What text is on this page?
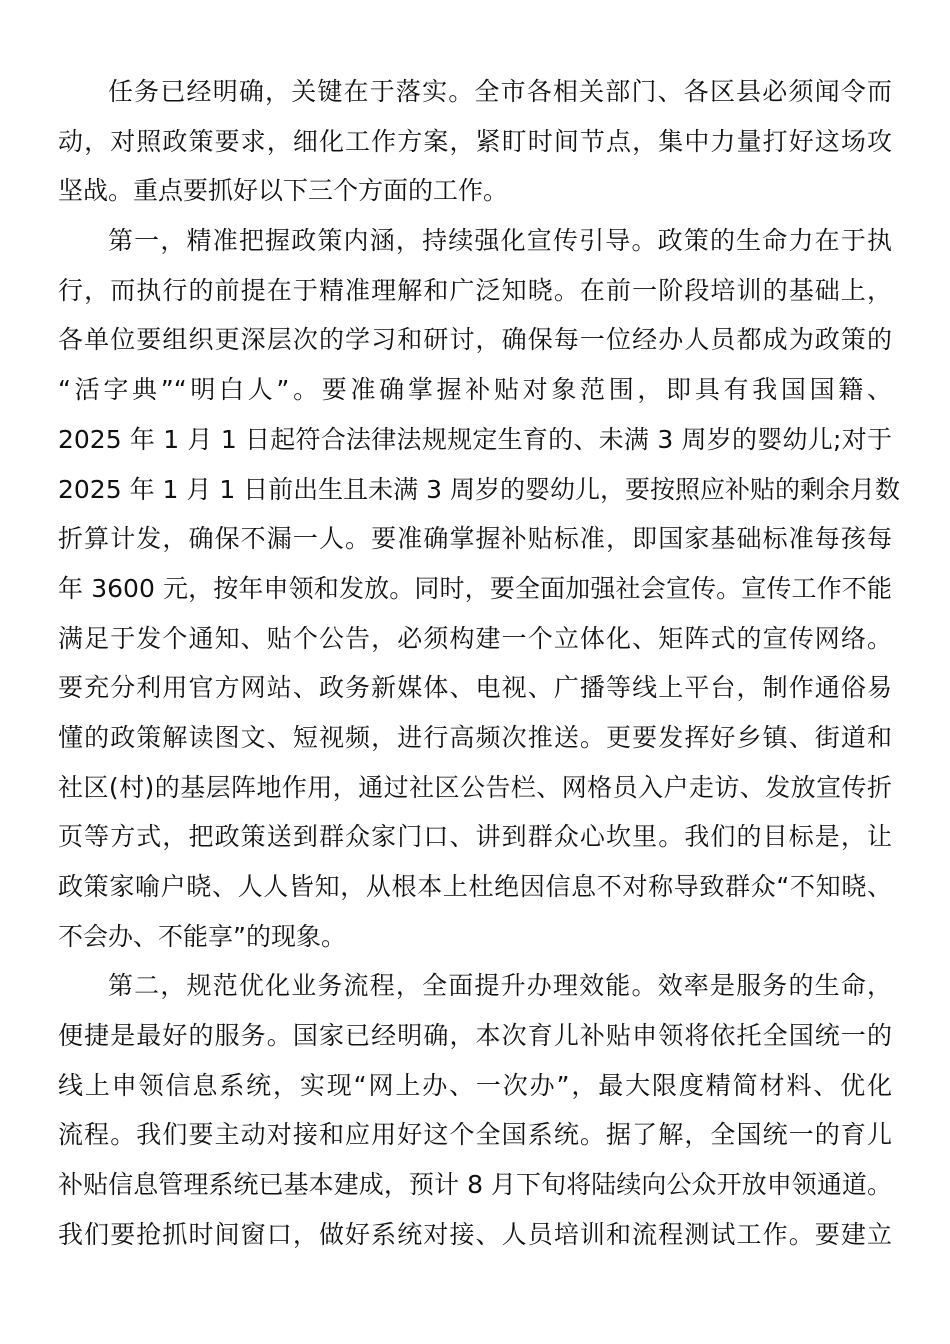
任务已经明确，关键在于落实。全市各相关部门、各区县必须闻令而
动，对照政策要求，细化工作方案，紧盯时间节点，集中力量打好这场攻
坚战。重点要抓好以下三个方面的工作。
第一，精准把握政策内涵，持续强化宣传引导。政策的生命力在于执
行，而执行的前提在于精准理解和广泛知晓。在前一阶段培训的基础上，
各单位要组织更深层次的学习和研讨，确保每一位经办人员都成为政策的
“活字典”“明白人”。要准确掌握补贴对象范围，即具有我国国籍、
2025 年 1 月 1 日起符合法律法规规定生育的、未满 3 周岁的婴幼儿;对于
2025 年 1 月 1 日前出生且未满 3 周岁的婴幼儿，要按照应补贴的剩余月数
折算计发，确保不漏一人。要准确掌握补贴标准，即国家基础标准每孩每
年 3600 元，按年申领和发放。同时，要全面加强社会宣传。宣传工作不能
满足于发个通知、贴个公告，必须构建一个立体化、矩阵式的宣传网络。
要充分利用官方网站、政务新媒体、电视、广播等线上平台，制作通俗易
懂的政策解读图文、短视频，进行高频次推送。更要发挥好乡镇、街道和
社区(村)的基层阵地作用，通过社区公告栏、网格员入户走访、发放宣传折
页等方式，把政策送到群众家门口、讲到群众心坎里。我们的目标是，让
政策家喻户晓、人人皆知，从根本上杜绝因信息不对称导致群众“不知晓、
不会办、不能享”的现象。
第二，规范优化业务流程，全面提升办理效能。效率是服务的生命，
便捷是最好的服务。国家已经明确，本次育儿补贴申领将依托全国统一的
线上申领信息系统，实现“网上办、一次办”，最大限度精简材料、优化
流程。我们要主动对接和应用好这个全国系统。据了解，全国统一的育儿
补贴信息管理系统已基本建成，预计 8 月下旬将陆续向公众开放申领通道。
我们要抢抓时间窗口，做好系统对接、人员培训和流程测试工作。要建立
